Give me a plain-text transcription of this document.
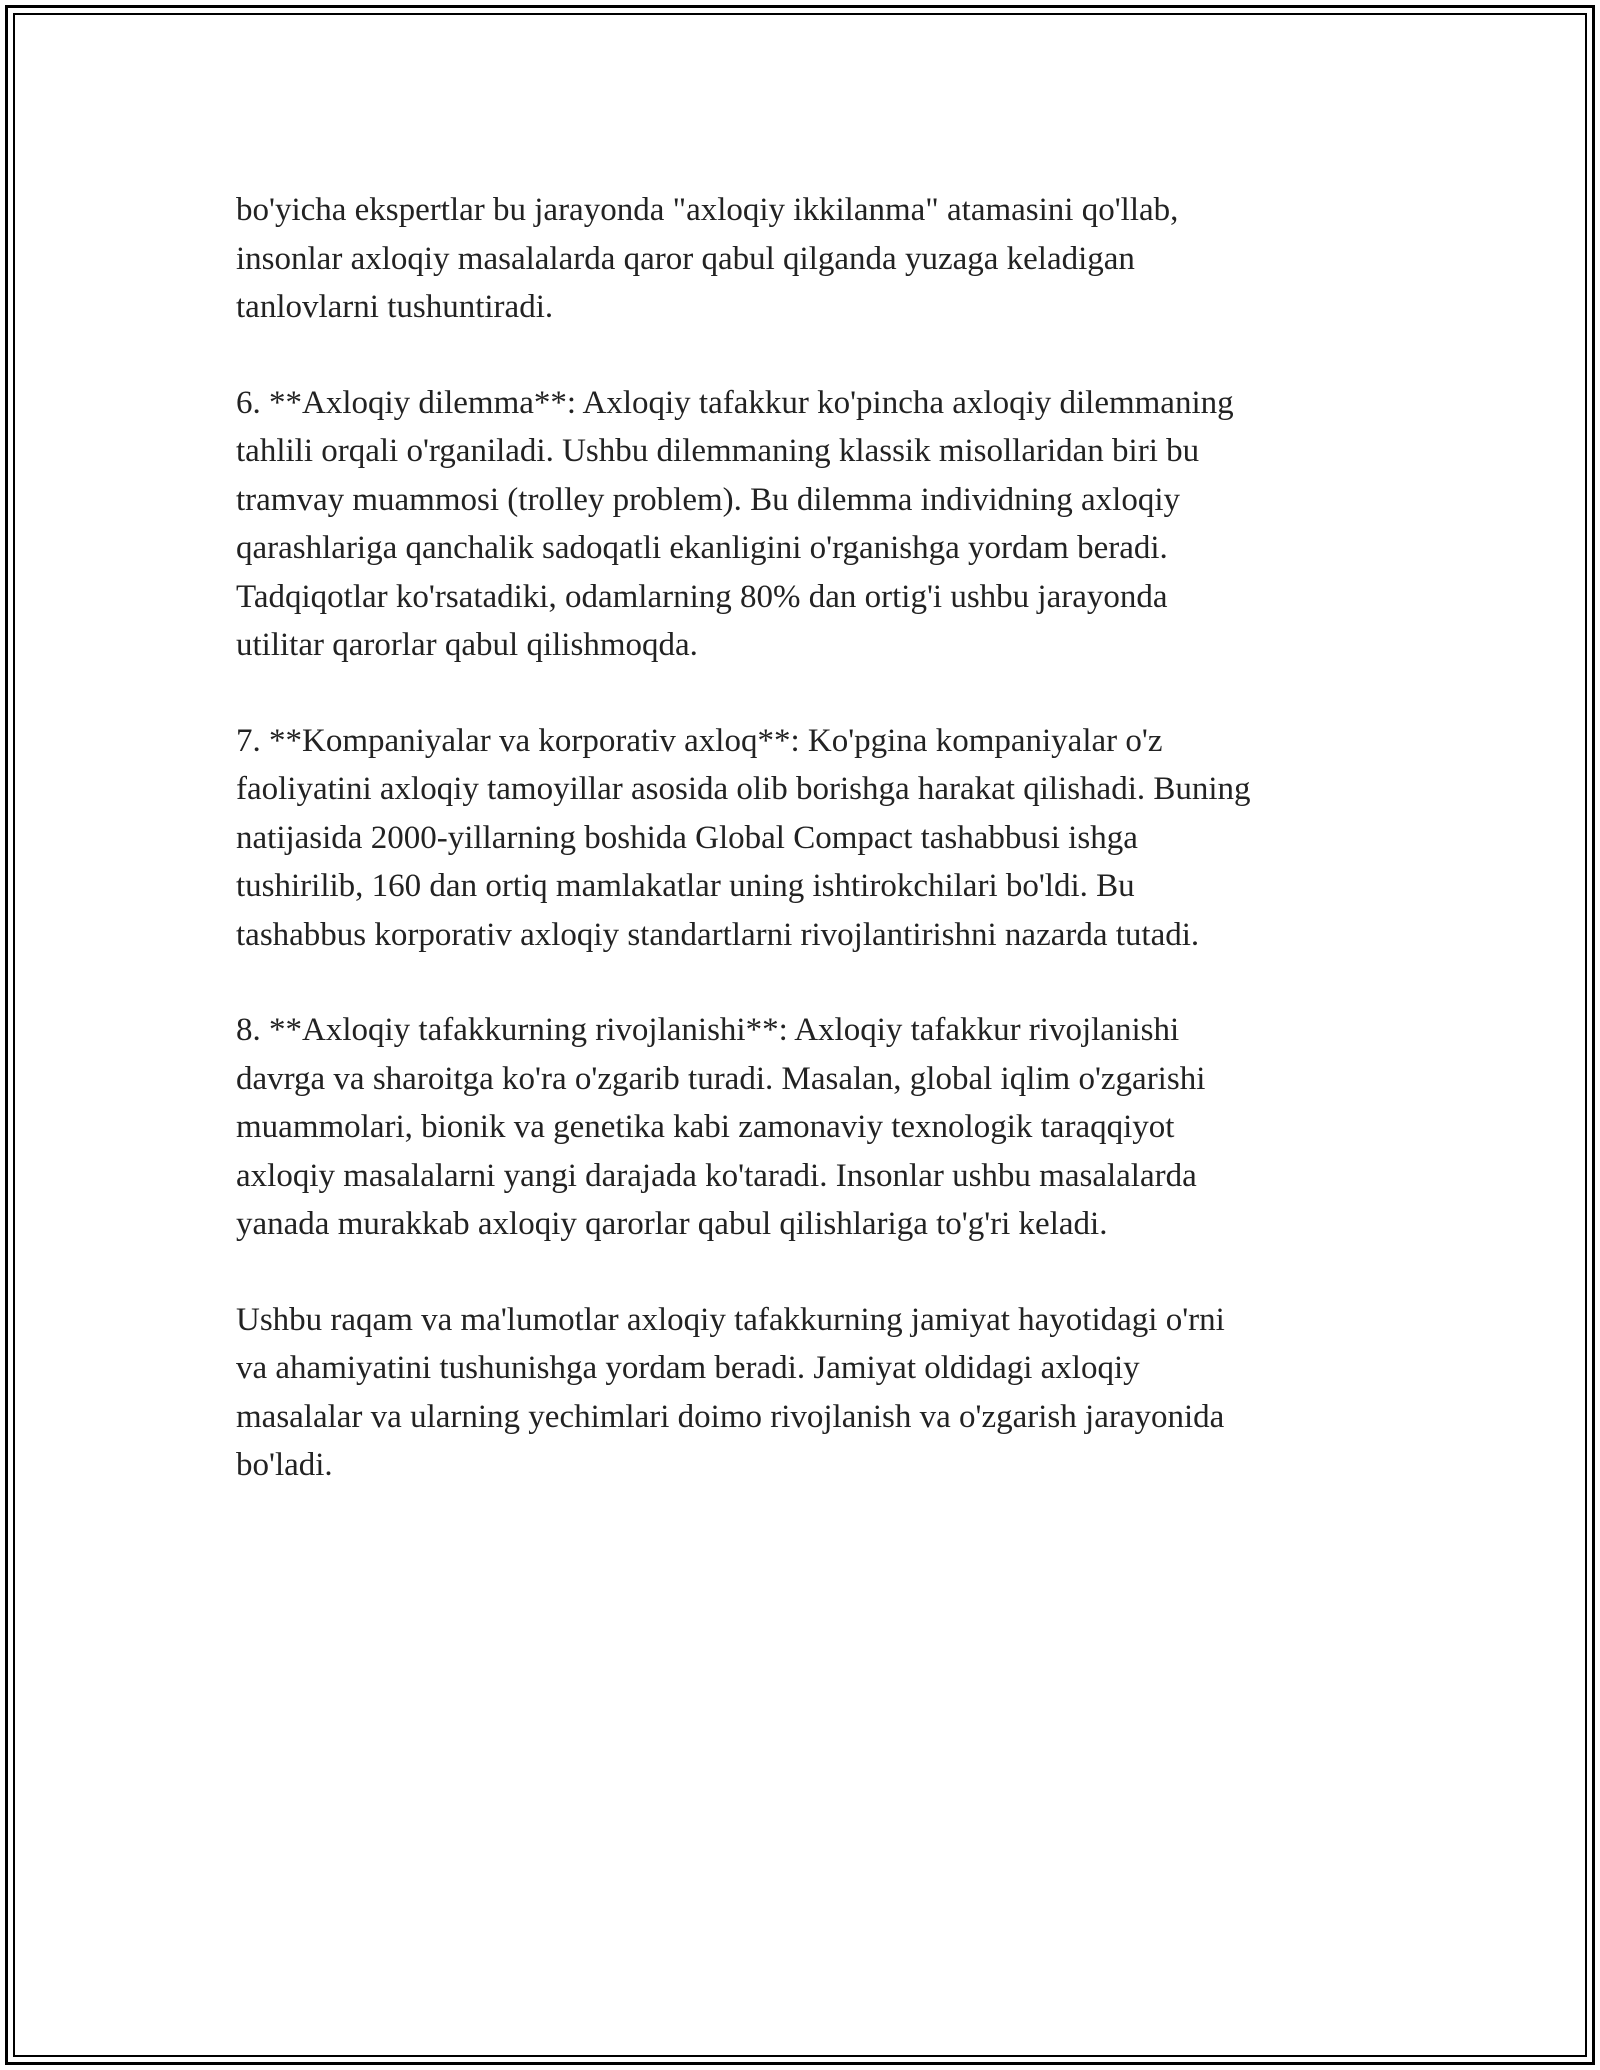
bo'yicha ekspertlar bu jarayonda "axloqiy ikkilanma" atamasini qo'llab,
insonlar axloqiy masalalarda qaror qabul qilganda yuzaga keladigan
tanlovlarni tushuntiradi.

6. **Axloqiy dilemma**: Axloqiy tafakkur ko'pincha axloqiy dilemmaning
tahlili orqali o'rganiladi. Ushbu dilemmaning klassik misollaridan biri bu
tramvay muammosi (trolley problem). Bu dilemma individning axloqiy
qarashlariga qanchalik sadoqatli ekanligini o'rganishga yordam beradi.
Tadqiqotlar ko'rsatadiki, odamlarning 80% dan ortig'i ushbu jarayonda
utilitar qarorlar qabul qilishmoqda.

7. **Kompaniyalar va korporativ axloq**: Ko'pgina kompaniyalar o'z
faoliyatini axloqiy tamoyillar asosida olib borishga harakat qilishadi. Buning
natijasida 2000-yillarning boshida Global Compact tashabbusi ishga
tushirilib, 160 dan ortiq mamlakatlar uning ishtirokchilari bo'ldi. Bu
tashabbus korporativ axloqiy standartlarni rivojlantirishni nazarda tutadi.

8. **Axloqiy tafakkurning rivojlanishi**: Axloqiy tafakkur rivojlanishi
davrga va sharoitga ko'ra o'zgarib turadi. Masalan, global iqlim o'zgarishi
muammolari, bionik va genetika kabi zamonaviy texnologik taraqqiyot
axloqiy masalalarni yangi darajada ko'taradi. Insonlar ushbu masalalarda
yanada murakkab axloqiy qarorlar qabul qilishlariga to'g'ri keladi.

Ushbu raqam va ma'lumotlar axloqiy tafakkurning jamiyat hayotidagi o'rni
va ahamiyatini tushunishga yordam beradi. Jamiyat oldidagi axloqiy
masalalar va ularning yechimlari doimo rivojlanish va o'zgarish jarayonida
bo'ladi.
